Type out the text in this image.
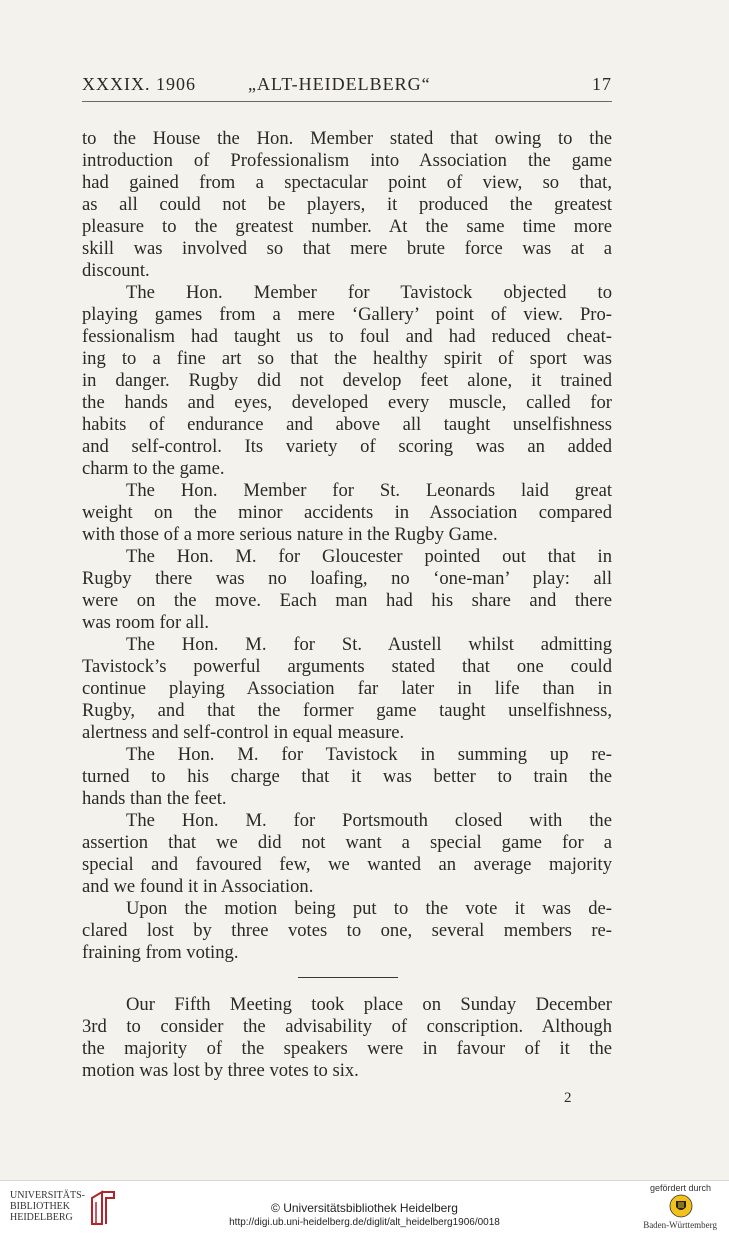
XXXIX. 1906	„ALT-HEIDELBERG“	17
to the House the Hon. Member stated that owing to the
introduction of Professionalism into Association the game
had gained from a spectacular point of view, so that,
as all could not be players, it produced the greatest
pleasure to the greatest number. At the same time more
skill was involved so that mere brute force was at a
discount.
The Hon. Member for Tavistock objected to
playing games from a mere ‘Gallery’ point of view. Pro-
fessionalism had taught us to foul and had reduced cheat-
ing to a fine art so that the healthy spirit of sport was
in danger. Rugby did not develop feet alone, it trained
the hands and eyes, developed every muscle, called for
habits of endurance and above all taught unselfishness
and self-control. Its variety of scoring was an added
charm to the game.
The Hon. Member for St. Leonards laid great
weight on the minor accidents in Association compared
with those of a more serious nature in the Rugby Game.
The Hon. M. for Gloucester pointed out that in
Rugby there was no loafing, no ‘one-man’ play: all
were on the move. Each man had his share and there
was room for all.
The Hon. M. for St. Austell whilst admitting
Tavistock’s powerful arguments stated that one could
continue playing Association far later in life than in
Rugby, and that the former game taught unselfishness,
alertness and self-control in equal measure.
The Hon. M. for Tavistock in summing up re-
turned to his charge that it was better to train the
hands than the feet.
The Hon. M. for Portsmouth closed with the
assertion that we did not want a special game for a
special and favoured few, we wanted an average majority
and we found it in Association.
Upon the motion being put to the vote it was de-
clared lost by three votes to one, several members re-
fraining from voting.
Our Fifth Meeting took place on Sunday December
3rd to consider the advisability of conscription. Although
the majority of the speakers were in favour of it the
motion was lost by three votes to six.
2
UNIVERSITÄTS-
BIBLIOTHEK
HEIDELBERG
© Universitätsbibliothek Heidelberg
http://digi.ub.uni-heidelberg.de/diglit/alt_heidelberg1906/0018
gefördert durch
Baden-Württemberg
